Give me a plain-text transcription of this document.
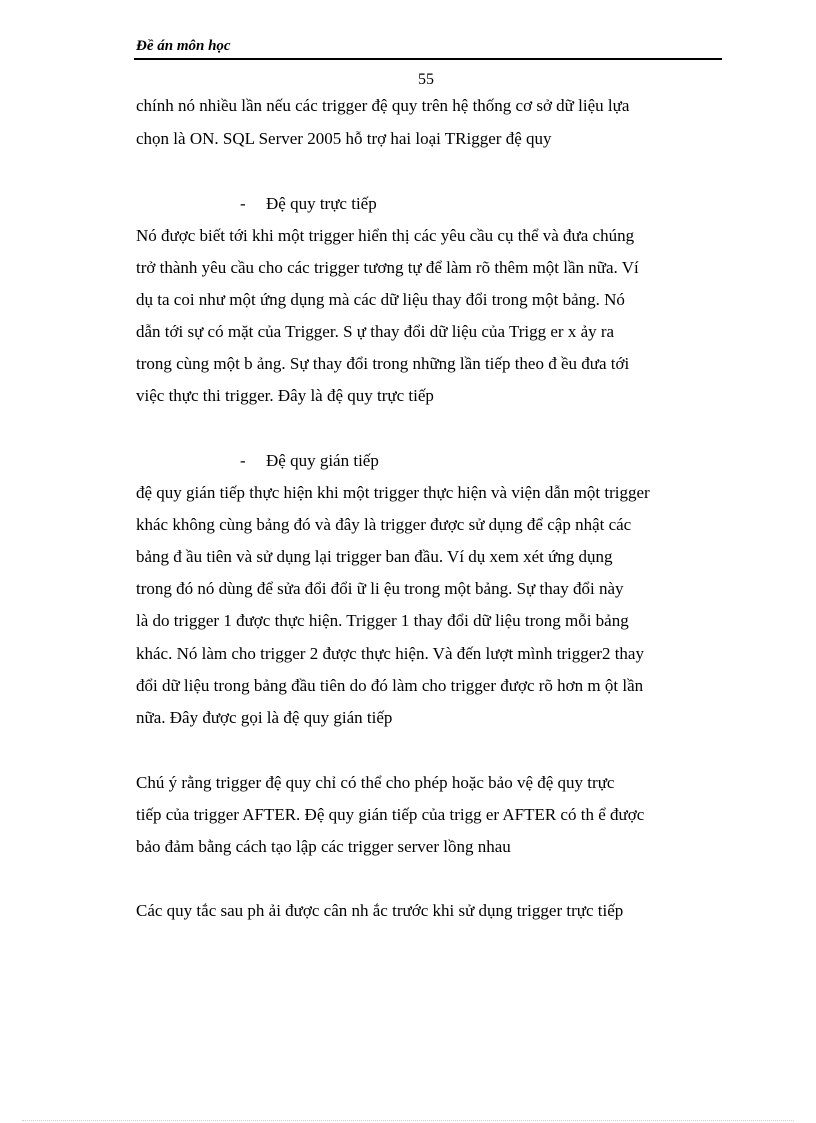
Đề án môn học
55
chính nó nhiều lần nếu các trigger đệ quy trên hệ thống cơ sở dữ liệu lựa
chọn là ON. SQL Server 2005 hỗ trợ hai loại TRigger đệ quy
- Đệ quy trực tiếp
Nó được biết tới khi một trigger hiển thị các yêu cầu cụ thể và đưa chúng
trở thành yêu cầu cho các trigger tương tự để làm rõ thêm một lần nữa. Ví
dụ ta coi như một ứng dụng mà các dữ liệu thay đổi trong một bảng. Nó
dẫn tới sự có mặt của Trigger. S ự thay đổi dữ liệu của Trigg er x ảy ra
trong cùng một b ảng. Sự thay đổi trong những lần tiếp theo đ ều đưa tới
việc thực thi trigger. Đây là đệ quy trực tiếp
- Đệ quy gián tiếp
đệ quy gián tiếp thực hiện khi một trigger thực hiện và viện dẫn một trigger
khác không cùng bảng đó và đây là trigger được sử dụng để cập nhật các
bảng đ ầu tiên và sử dụng lại trigger ban đầu. Ví dụ xem xét ứng dụng
trong đó nó dùng để sửa đổi đổi ữ li ệu trong một bảng. Sự thay đổi này
là do trigger 1 được thực hiện. Trigger 1 thay đổi dữ liệu trong mỗi bảng
khác. Nó làm cho trigger 2 được thực hiện. Và đến lượt mình trigger2 thay
đổi dữ liệu trong bảng đầu tiên do đó làm cho trigger được rõ hơn m ột lần
nữa. Đây được gọi là đệ quy gián tiếp
Chú ý rằng trigger đệ quy chỉ có thể cho phép hoặc bảo vệ đệ quy trực
tiếp của trigger AFTER. Đệ quy gián tiếp của trigg er AFTER có th ể được
bảo đảm bằng cách tạo lập các trigger server lồng nhau
Các quy tắc sau ph ải được cân nh ắc trước khi sử dụng trigger trực tiếp
